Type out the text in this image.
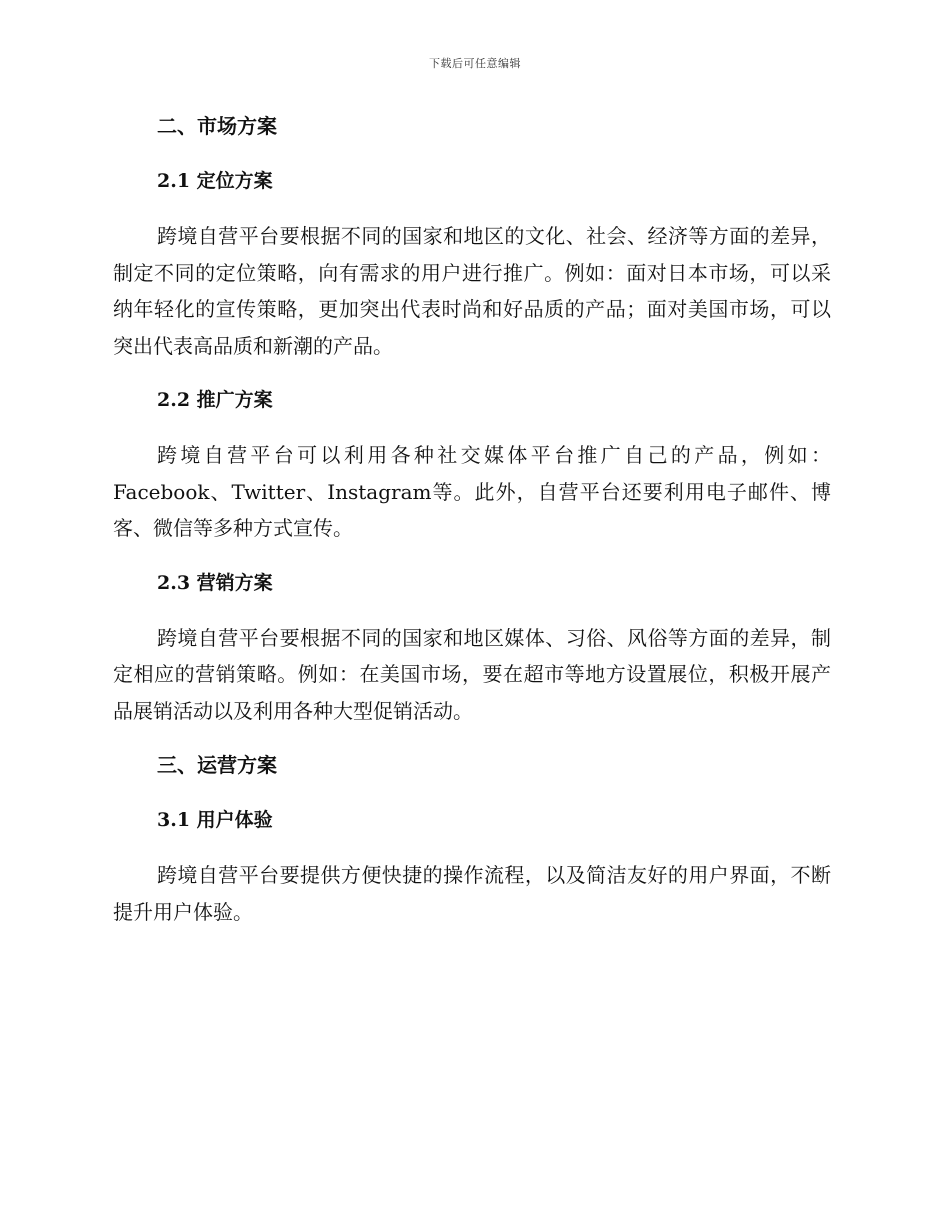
下载后可任意编辑
二、市场方案
2.1 定位方案

跨境自营平台要根据不同的国家和地区的文化、社会、经济等方面的差异，制定不同的定位策略，向有需求的用户进行推广。例如：面对日本市场，可以采纳年轻化的宣传策略，更加突出代表时尚和好品质的产品；面对美国市场，可以突出代表高品质和新潮的产品。

2.2 推广方案

跨境自营平台可以利用各种社交媒体平台推广自己的产品，例如：Facebook、Twitter、Instagram等。此外，自营平台还要利用电子邮件、博客、微信等多种方式宣传。

2.3 营销方案

跨境自营平台要根据不同的国家和地区媒体、习俗、风俗等方面的差异，制定相应的营销策略。例如：在美国市场，要在超市等地方设置展位，积极开展产品展销活动以及利用各种大型促销活动。

三、运营方案
3.1 用户体验

跨境自营平台要提供方便快捷的操作流程，以及简洁友好的用户界面，不断提升用户体验。
